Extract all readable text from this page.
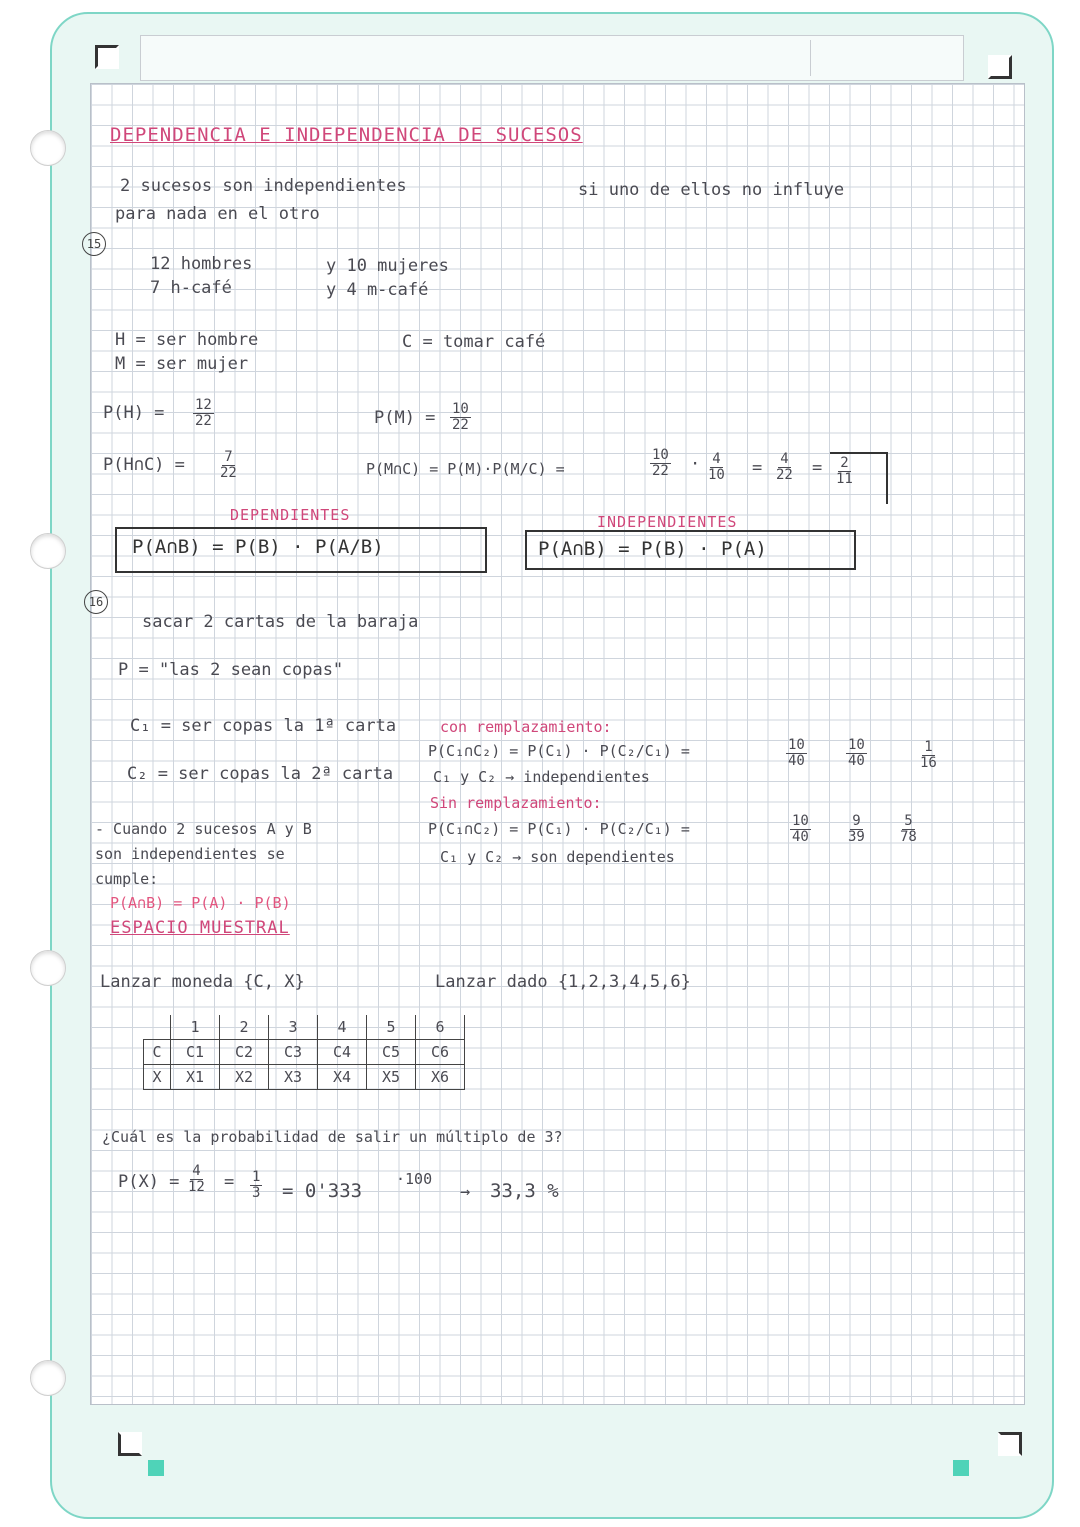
DEPENDENCIA E INDEPENDENCIA DE SUCESOS
2 sucesos son independientes	si uno de ellos no influye
para nada en el otro
15
12 hombres	y 10 mujeres
7 h-café	y 4 m-café
H = ser hombre
M = ser mujer
C = tomar café
$P(H) = \frac{12}{22}$
P(H∩C) =	$\frac{7}{22}$
$P(M) = \frac{10}{22}$
P(M∩C) = P(M)·P(M/C) =	$\frac{10}{22} \cdot \frac{4}{10} = \frac{4}{22} = \frac{2}{11}$
DEPENDIENTES
P(A∩B) = P(B) · P(A/B)
INDEPENDIENTES
P(A∩B) = P(B) · P(A)
16
sacar 2 cartas de la baraja
P = "las 2 sean copas"
C₁ = ser copas la 1ª carta	con remplazamiento:
P(C₁∩C₂) = P(C₁) · P(C₂/C₁) =	$\frac{10}{40}$	$\frac{10}{40}$	$\frac{1}{16}$
C₂ = ser copas la 2ª carta	C₁ y C₂ → independientes
Sin remplazamiento:
P(C₁∩C₂) = P(C₁) · P(C₂/C₁) =	$\frac{10}{40}$	$\frac{9}{39}$	$\frac{5}{78}$
C₁ y C₂ → son dependientes
- Cuando 2 sucesos A y B
son independientes se
cumple:
P(A∩B) = P(A) · P(B)
ESPACIO MUESTRAL
Lanzar moneda {C, X}	Lanzar dado {1,2,3,4,5,6}
	1	2	3	4	5	6
C	C1	C2	C3	C4	C5	C6
X	X1	X2	X3	X4	X5	X6
¿Cuál es la probabilidad de salir un múltiplo de 3?
$P(X) = \frac{4}{12} = \frac{1}{3} = 0'333$
·100
→ 33,3 %
